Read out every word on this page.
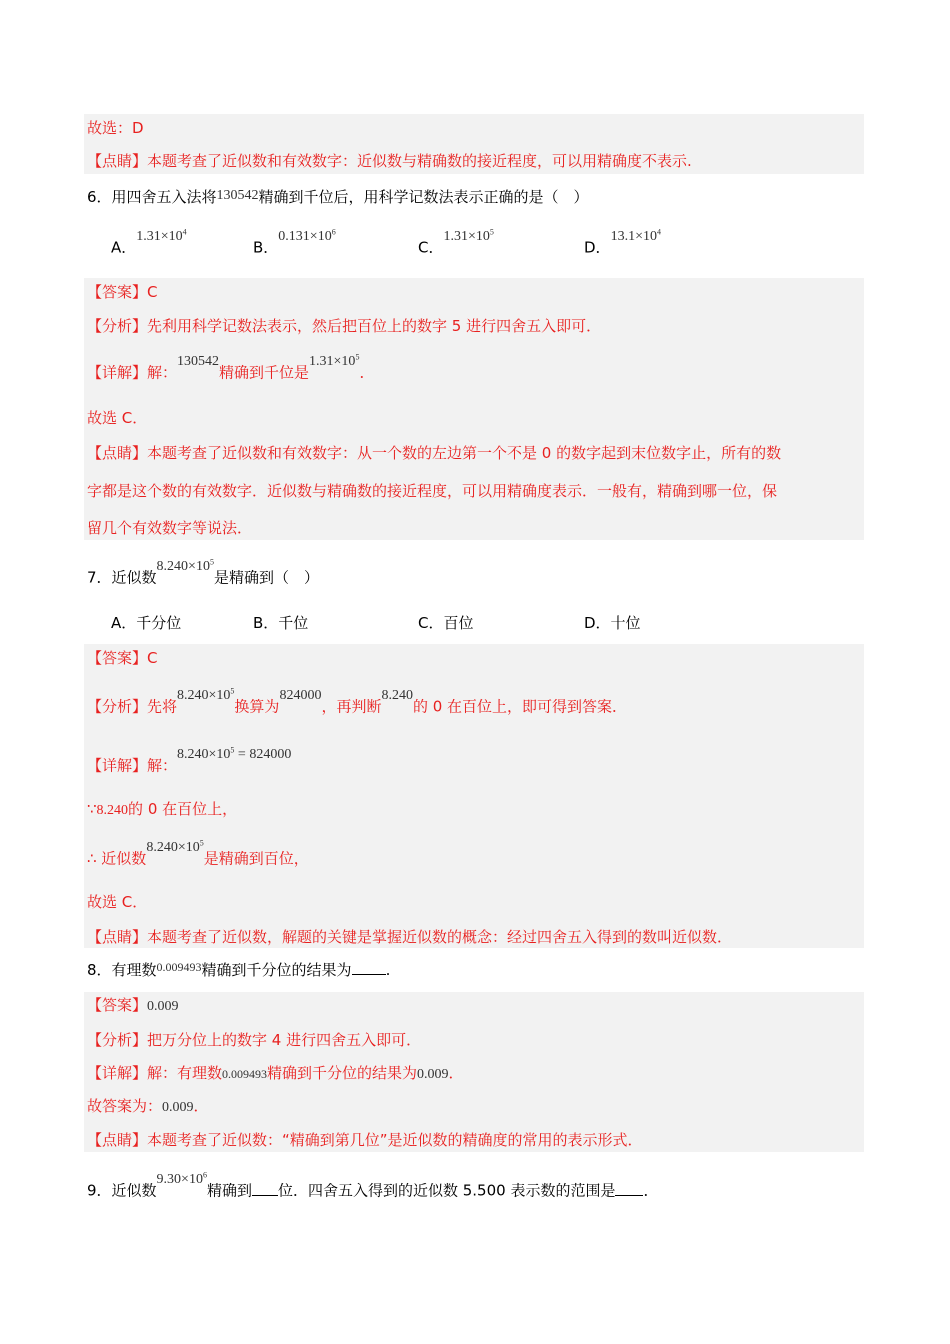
故选：D
【点睛】本题考查了近似数和有效数字：近似数与精确数的接近程度，可以用精确度不表示.
6．用四舍五入法将130542精确到千位后，用科学记数法表示正确的是（　）
A．$1.31\times 10^4$
B．$0.131\times 10^6$
C．$1.31\times 10^5$
D．$13.1\times 10^4$
【答案】C
【分析】先利用科学记数法表示，然后把百位上的数字 5 进行四舍五入即可．
【详解】解：130542精确到千位是$1.31\times 10^5$．
故选 C．
【点睛】本题考查了近似数和有效数字：从一个数的左边第一个不是 0 的数字起到末位数字止，所有的数
字都是这个数的有效数字．近似数与精确数的接近程度，可以用精确度表示．一般有，精确到哪一位，保
留几个有效数字等说法．
7．近似数$8.240\times 10^5$是精确到（　）
A．千分位	B．千位	C．百位	D．十位
【答案】C
【分析】先将$8.240\times 10^5$换算为824000，再判断8.240的 0 在百位上，即可得到答案．
【详解】解：$8.240\times 10^5 = 824000$
∵8.240的 0 在百位上，
∴ 近似数$8.240\times 10^5$是精确到百位，
故选 C．
【点睛】本题考查了近似数，解题的关键是掌握近似数的概念：经过四舍五入得到的数叫近似数．
8．有理数$^{0.009493}$精确到千分位的结果为 .
【答案】0.009
【分析】把万分位上的数字 4 进行四舍五入即可．
【详解】解：有理数0.009493精确到千分位的结果为0.009．
故答案为：0.009．
【点睛】本题考查了近似数：“精确到第几位”是近似数的精确度的常用的表示形式．
9．近似数$9.30\times 10^6$精确到 位．四舍五入得到的近似数 5.500 表示数的范围是 ．
